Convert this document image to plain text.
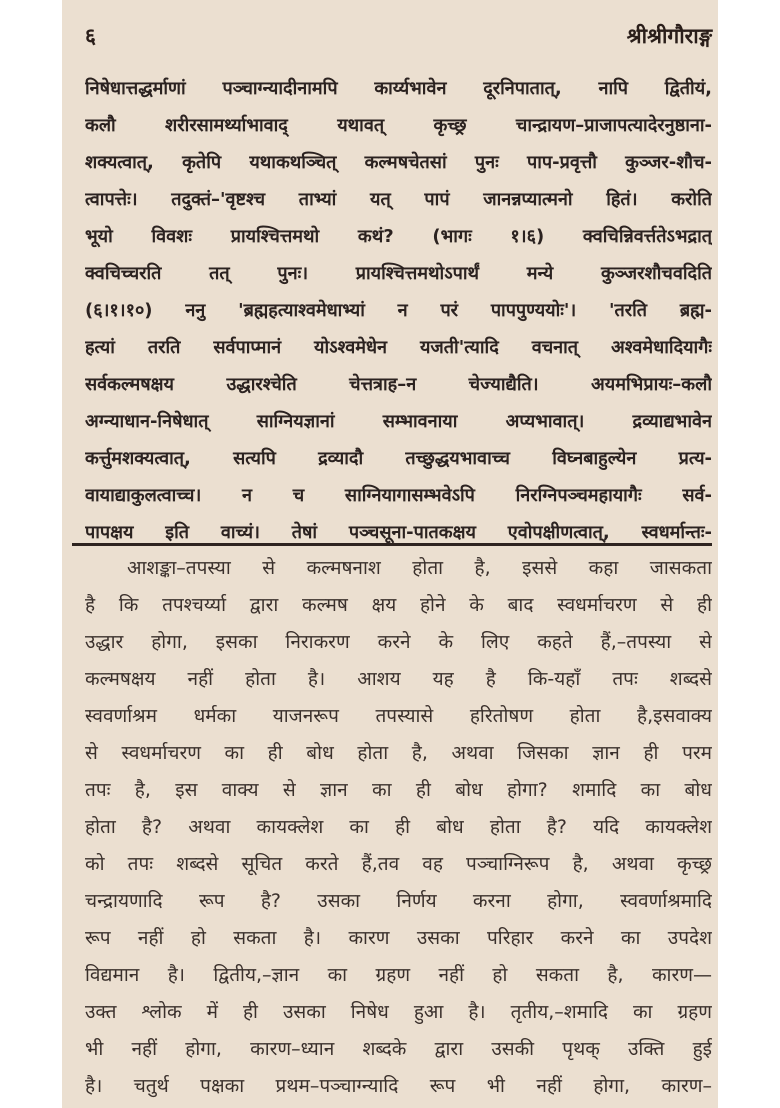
६	श्रीश्रीगौराङ्ग
निषेधात्तद्धर्माणां पञ्चाग्न्यादीनामपि कार्य्यभावेन दूरनिपातात्, नापि द्वितीयं,
कलौ शरीरसामर्थ्याभावाद् यथावत् कृच्छ्र चान्द्रायण–प्राजापत्यादेरनुष्ठाना-
शक्यत्वात्, कृतेपि यथाकथञ्चित् कल्मषचेतसां पुनः पाप-प्रवृत्तौ कुञ्जर-शौच-
त्वापत्तेः। तदुक्तं–'वृष्टश्च ताभ्यां यत् पापं जानन्नप्यात्मनो हितं। करोति
भूयो विवशः प्रायश्चित्तमथो कथं? (भागः १।६) क्वचिन्निवर्त्ततेऽभद्रात्
क्वचिच्चरति तत् पुनः। प्रायश्चित्तमथोऽपार्थं मन्ये कुञ्जरशौचवदिति
(६।१।१०) ननु 'ब्रह्महत्याश्वमेधाभ्यां न परं पापपुण्ययोः'। 'तरति ब्रह्म-
हत्यां तरति सर्वपाप्मानं योऽश्वमेधेन यजती'त्यादि वचनात् अश्वमेधादियागैः
सर्वकल्मषक्षय उद्धारश्चेति चेत्तत्राह–न चेज्याद्यैति। अयमभिप्रायः–कलौ
अग्न्याधान-निषेधात् साग्नियज्ञानां सम्भावनाया अप्यभावात्। द्रव्याद्यभावेन
कर्त्तुमशक्यत्वात्, सत्यपि द्रव्यादौ तच्छुद्धयभावाच्च विघ्नबाहुल्येन प्रत्य-
वायाद्याकुलत्वाच्च। न च साग्नियागासम्भवेऽपि निरग्निपञ्चमहायागैः सर्व-
पापक्षय इति वाच्यं। तेषां पञ्चसूना-पातकक्षय एवोपक्षीणत्वात्, स्वधर्मान्तः-
आशङ्का–तपस्या से कल्मषनाश होता है, इससे कहा जासकता
है कि तपश्चर्य्या द्वारा कल्मष क्षय होने के बाद स्वधर्माचरण से ही
उद्धार होगा, इसका निराकरण करने के लिए कहते हैं,–तपस्या से
कल्मषक्षय नहीं होता है। आशय यह है कि-यहाँ तपः शब्दसे
स्ववर्णाश्रम धर्मका याजनरूप तपस्यासे हरितोषण होता है,इसवाक्य
से स्वधर्माचरण का ही बोध होता है, अथवा जिसका ज्ञान ही परम
तपः है, इस वाक्य से ज्ञान का ही बोध होगा? शमादि का बोध
होता है? अथवा कायक्लेश का ही बोध होता है? यदि कायक्लेश
को तपः शब्दसे सूचित करते हैं,तव वह पञ्चाग्निरूप है, अथवा कृच्छ्र
चन्द्रायणादि रूप है? उसका निर्णय करना होगा, स्ववर्णाश्रमादि
रूप नहीं हो सकता है। कारण उसका परिहार करने का उपदेश
विद्यमान है। द्वितीय,–ज्ञान का ग्रहण नहीं हो सकता है, कारण—
उक्त श्लोक में ही उसका निषेध हुआ है। तृतीय,–शमादि का ग्रहण
भी नहीं होगा, कारण–ध्यान शब्दके द्वारा उसकी पृथक् उक्ति हुई
है। चतुर्थ पक्षका प्रथम–पञ्चाग्न्यादि रूप भी नहीं होगा, कारण–
